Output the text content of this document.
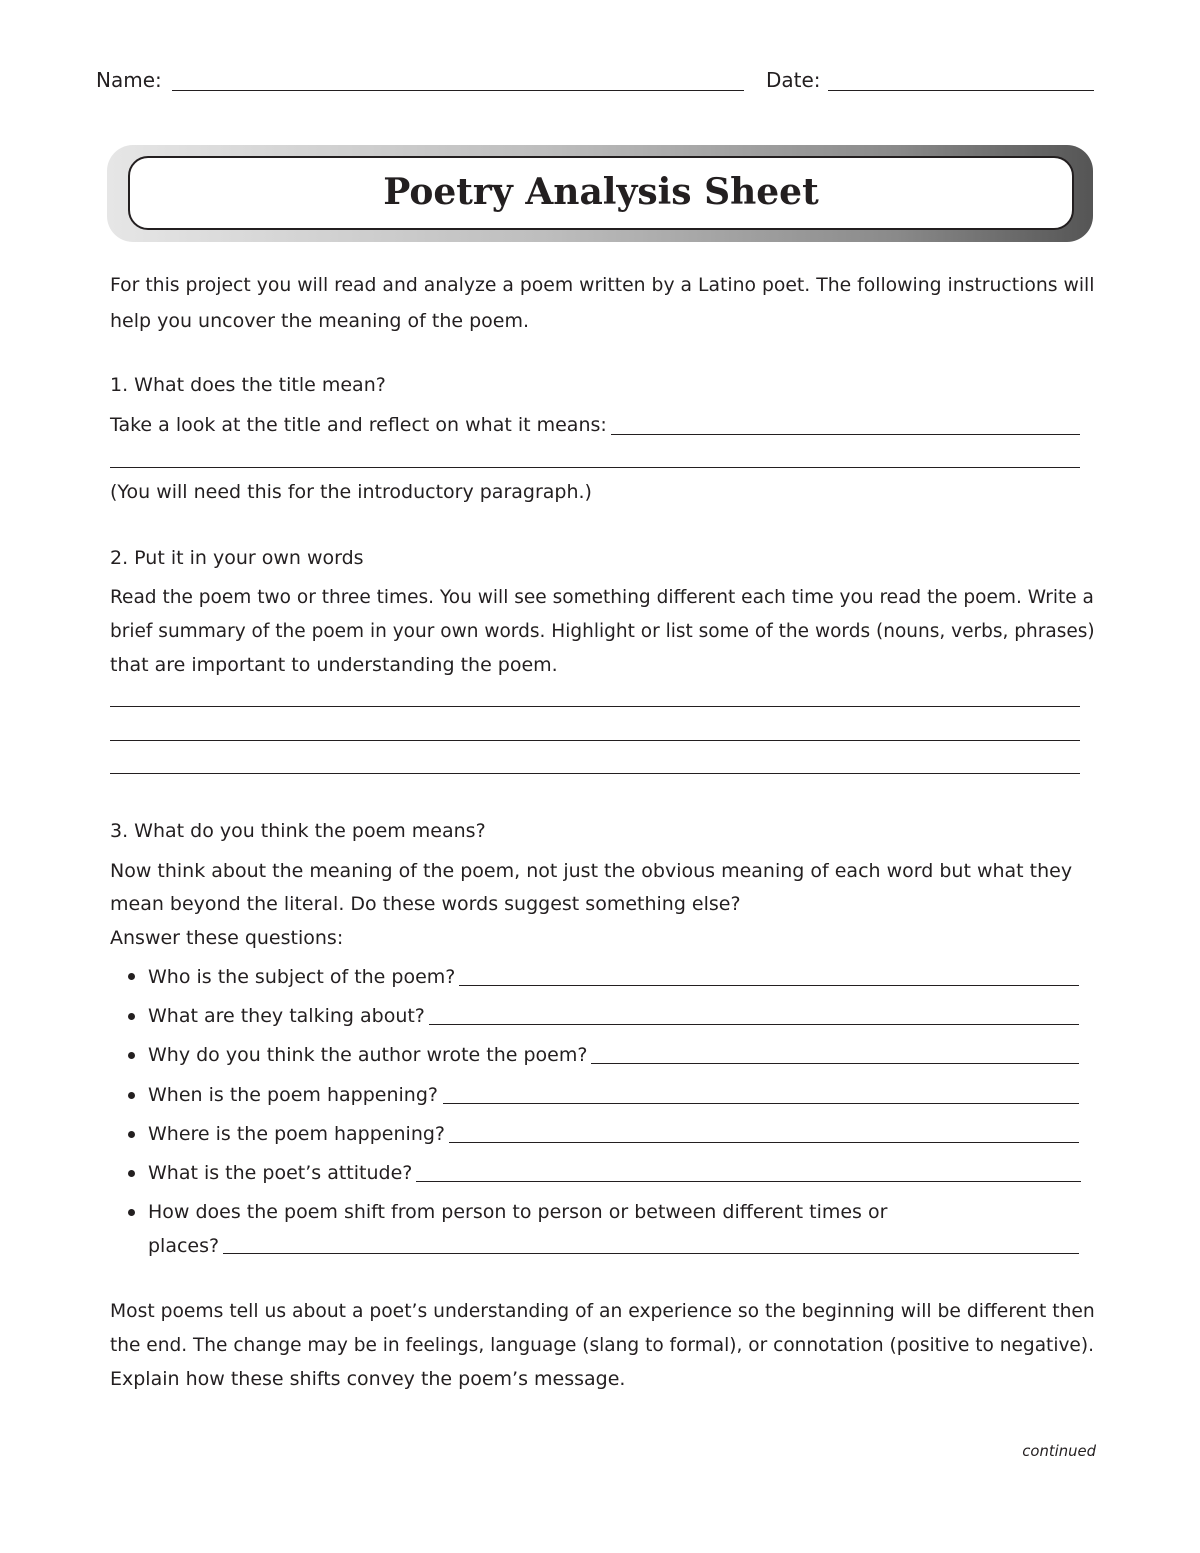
Name:	Date:
Poetry Analysis Sheet
For this project you will read and analyze a poem written by a Latino poet. The following instructions will
help you uncover the meaning of the poem.
1. What does the title mean?
Take a look at the title and reflect on what it means:
(You will need this for the introductory paragraph.)
2. Put it in your own words
Read the poem two or three times. You will see something different each time you read the poem. Write a
brief summary of the poem in your own words. Highlight or list some of the words (nouns, verbs, phrases)
that are important to understanding the poem.
3. What do you think the poem means?
Now think about the meaning of the poem, not just the obvious meaning of each word but what they
mean beyond the literal. Do these words suggest something else?
Answer these questions:
Who is the subject of the poem?
What are they talking about?
Why do you think the author wrote the poem?
When is the poem happening?
Where is the poem happening?
What is the poet’s attitude?
How does the poem shift from person to person or between different times or
places?
Most poems tell us about a poet’s understanding of an experience so the beginning will be different then
the end. The change may be in feelings, language (slang to formal), or connotation (positive to negative).
Explain how these shifts convey the poem’s message.
continued
